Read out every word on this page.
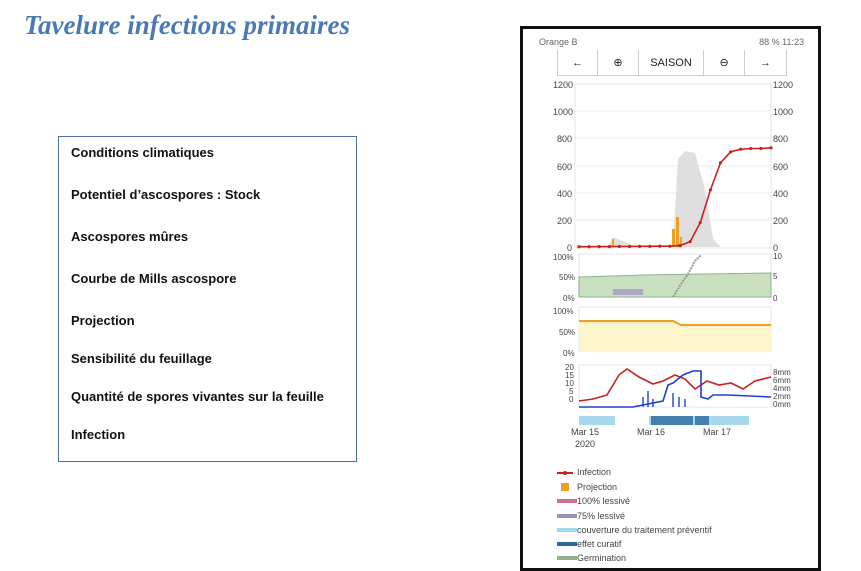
Tavelure infections primaires
Conditions climatiques
Potentiel d’ascospores : Stock
Ascospores mûres
Courbe de Mills ascospore
Projection
Sensibilité du feuillage
Quantité de spores vivantes sur la feuille
Infection
Orange B	88 % 11:23
←	⊕	SAISON	⊖	→
1200
1000
800
600
400
200
0
1200
1000
800
600
400
200
0
100%
50%
0%
10
5
0
100%
50%
0%
20
15
10
5
0
8mm
6mm
4mm
2mm
0mm
Mar 15	Mar 16	Mar 17
2020
Infection
Projection
100% lessivé
75% lessivé
couverture du traitement préventif
effet curatif
Germination
